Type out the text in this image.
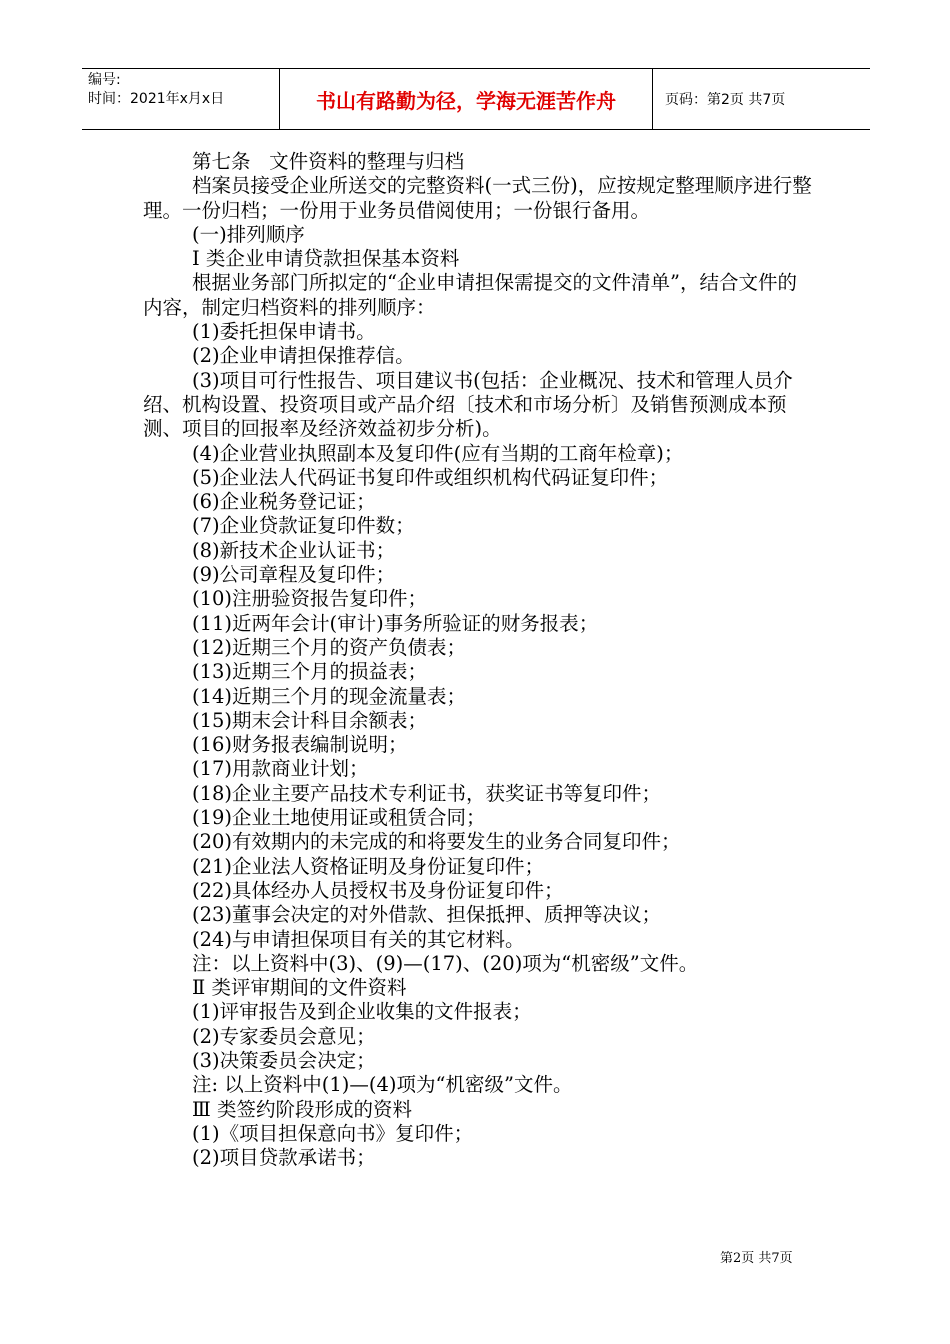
编号:
时间：2021年x月x日	书山有路勤为径，学海无涯苦作舟	页码：第2页 共7页
第七条   文件资料的整理与归档
档案员接受企业所送交的完整资料(一式三份)，应按规定整理顺序进行整理。一份归档；一份用于业务员借阅使用；一份银行备用。
(一)排列顺序
Ⅰ 类企业申请贷款担保基本资料
根据业务部门所拟定的“企业申请担保需提交的文件清单”，结合文件的内容，制定归档资料的排列顺序：
(1)委托担保申请书。
(2)企业申请担保推荐信。
(3)项目可行性报告、项目建议书(包括：企业概况、技术和管理人员介绍、机构设置、投资项目或产品介绍〔技术和市场分析〕及销售预测成本预测、项目的回报率及经济效益初步分析)。
(4)企业营业执照副本及复印件(应有当期的工商年检章)；
(5)企业法人代码证书复印件或组织机构代码证复印件；
(6)企业税务登记证；
(7)企业贷款证复印件数；
(8)新技术企业认证书；
(9)公司章程及复印件；
(10)注册验资报告复印件；
(11)近两年会计(审计)事务所验证的财务报表；
(12)近期三个月的资产负债表；
(13)近期三个月的损益表；
(14)近期三个月的现金流量表；
(15)期末会计科目余额表；
(16)财务报表编制说明；
(17)用款商业计划；
(18)企业主要产品技术专利证书，获奖证书等复印件；
(19)企业土地使用证或租赁合同；
(20)有效期内的未完成的和将要发生的业务合同复印件；
(21)企业法人资格证明及身份证复印件；
(22)具体经办人员授权书及身份证复印件；
(23)董事会决定的对外借款、担保抵押、质押等决议；
(24)与申请担保项目有关的其它材料。
注：以上资料中(3)、(9)—(17)、(20)项为“机密级”文件。
Ⅱ 类评审期间的文件资料
(1)评审报告及到企业收集的文件报表；
(2)专家委员会意见；
(3)决策委员会决定；
注: 以上资料中(1)—(4)项为“机密级”文件。
Ⅲ 类签约阶段形成的资料
(1)《项目担保意向书》复印件；
(2)项目贷款承诺书；
第2页 共7页
